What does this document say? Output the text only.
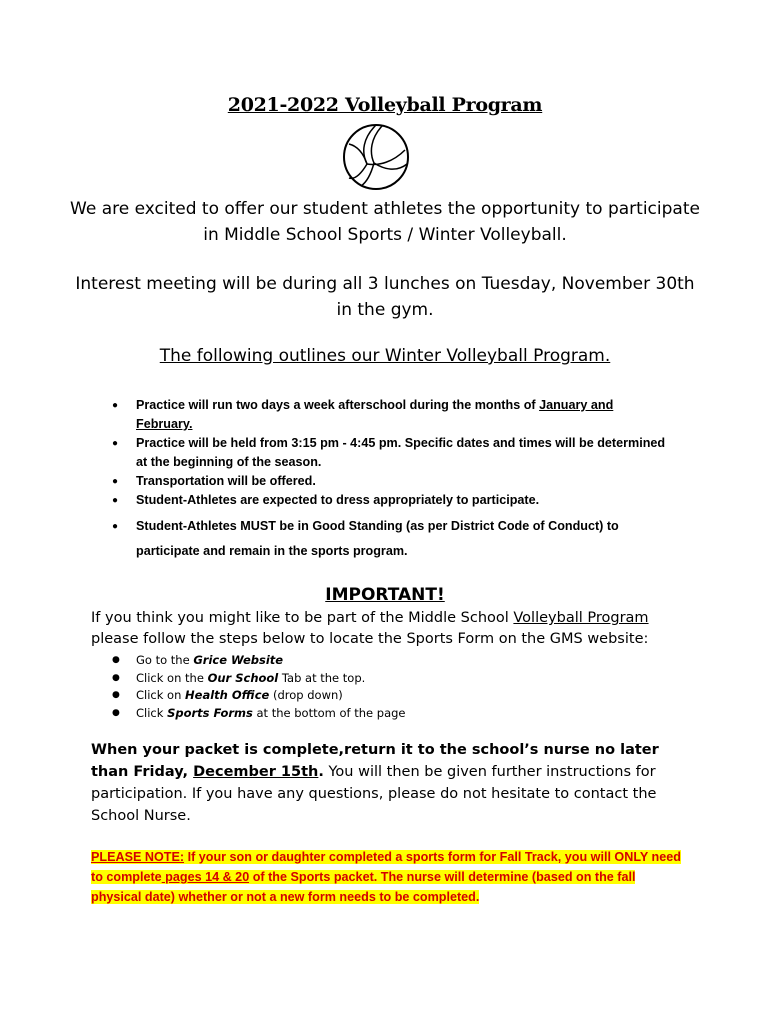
2021-2022 Volleyball Program
We are excited to offer our student athletes the opportunity to participate in Middle School Sports / Winter Volleyball.
Interest meeting will be during all 3 lunches on Tuesday, November 30th in the gym.
The following outlines our Winter Volleyball Program.
● Practice will run two days a week afterschool during the months of January and February.
● Practice will be held from 3:15 pm - 4:45 pm. Specific dates and times will be determined at the beginning of the season.
● Transportation will be offered.
● Student-Athletes are expected to dress appropriately to participate.
● Student-Athletes MUST be in Good Standing (as per District Code of Conduct) to participate and remain in the sports program.
IMPORTANT!
If you think you might like to be part of the Middle School Volleyball Program please follow the steps below to locate the Sports Form on the GMS website:
● Go to the Grice Website
● Click on the Our School Tab at the top.
● Click on Health Office (drop down)
● Click Sports Forms at the bottom of the page
When your packet is complete,return it to the school’s nurse no later than Friday, December 15th. You will then be given further instructions for participation. If you have any questions, please do not hesitate to contact the School Nurse.
PLEASE NOTE: If your son or daughter completed a sports form for Fall Track, you will ONLY need to complete pages 14 & 20 of the Sports packet. The nurse will determine (based on the fall physical date) whether or not a new form needs to be completed.
